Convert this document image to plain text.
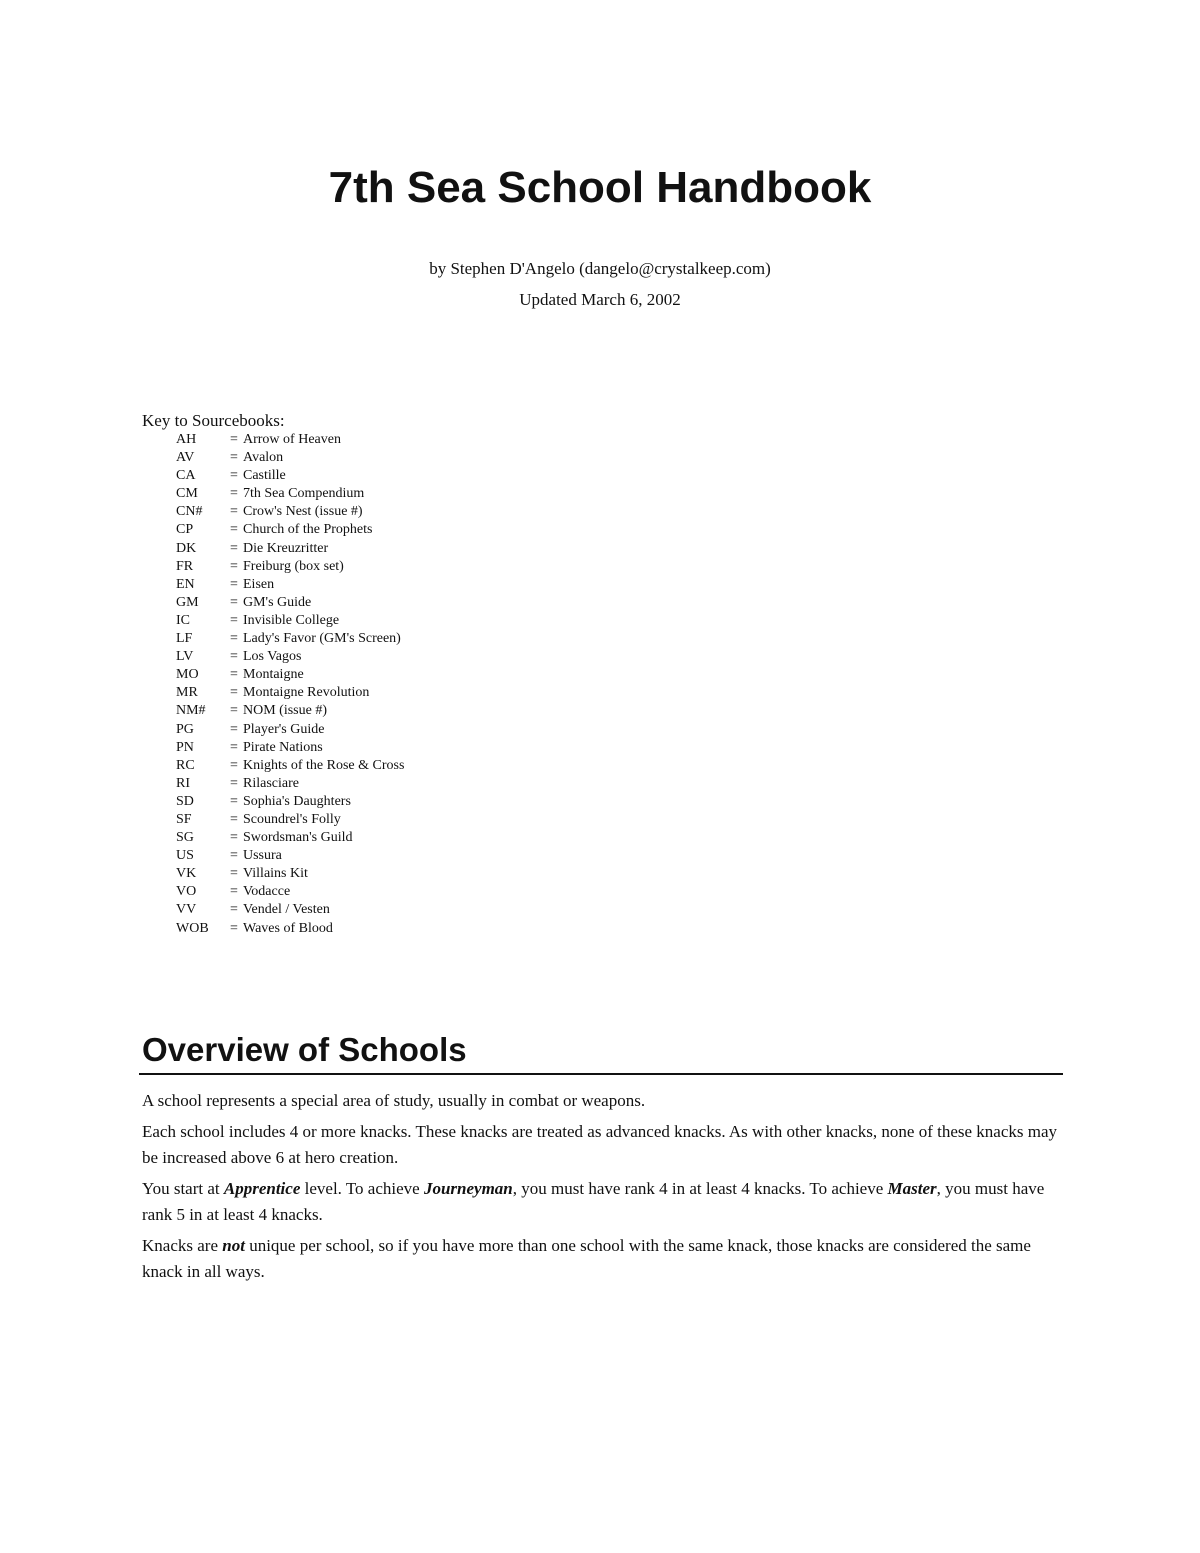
7th Sea School Handbook
by Stephen D'Angelo (dangelo@crystalkeep.com)
Updated March 6, 2002
Key to Sourcebooks:
AH	= Arrow of Heaven
AV	= Avalon
CA	= Castille
CM	= 7th Sea Compendium
CN#	= Crow's Nest (issue #)
CP	= Church of the Prophets
DK	= Die Kreuzritter
FR	= Freiburg (box set)
EN	= Eisen
GM	= GM's Guide
IC	= Invisible College
LF	= Lady's Favor (GM's Screen)
LV	= Los Vagos
MO	= Montaigne
MR	= Montaigne Revolution
NM#	= NOM (issue #)
PG	= Player's Guide
PN	= Pirate Nations
RC	= Knights of the Rose & Cross
RI	= Rilasciare
SD	= Sophia's Daughters
SF	= Scoundrel's Folly
SG	= Swordsman's Guild
US	= Ussura
VK	= Villains Kit
VO	= Vodacce
VV	= Vendel / Vesten
WOB	= Waves of Blood
Overview of Schools

A school represents a special area of study, usually in combat or weapons.

Each school includes 4 or more knacks. These knacks are treated as advanced knacks. As with other knacks, none of these knacks may be increased above 6 at hero creation.

You start at Apprentice level. To achieve Journeyman, you must have rank 4 in at least 4 knacks. To achieve Master, you must have rank 5 in at least 4 knacks.

Knacks are not unique per school, so if you have more than one school with the same knack, those knacks are considered the same knack in all ways.
